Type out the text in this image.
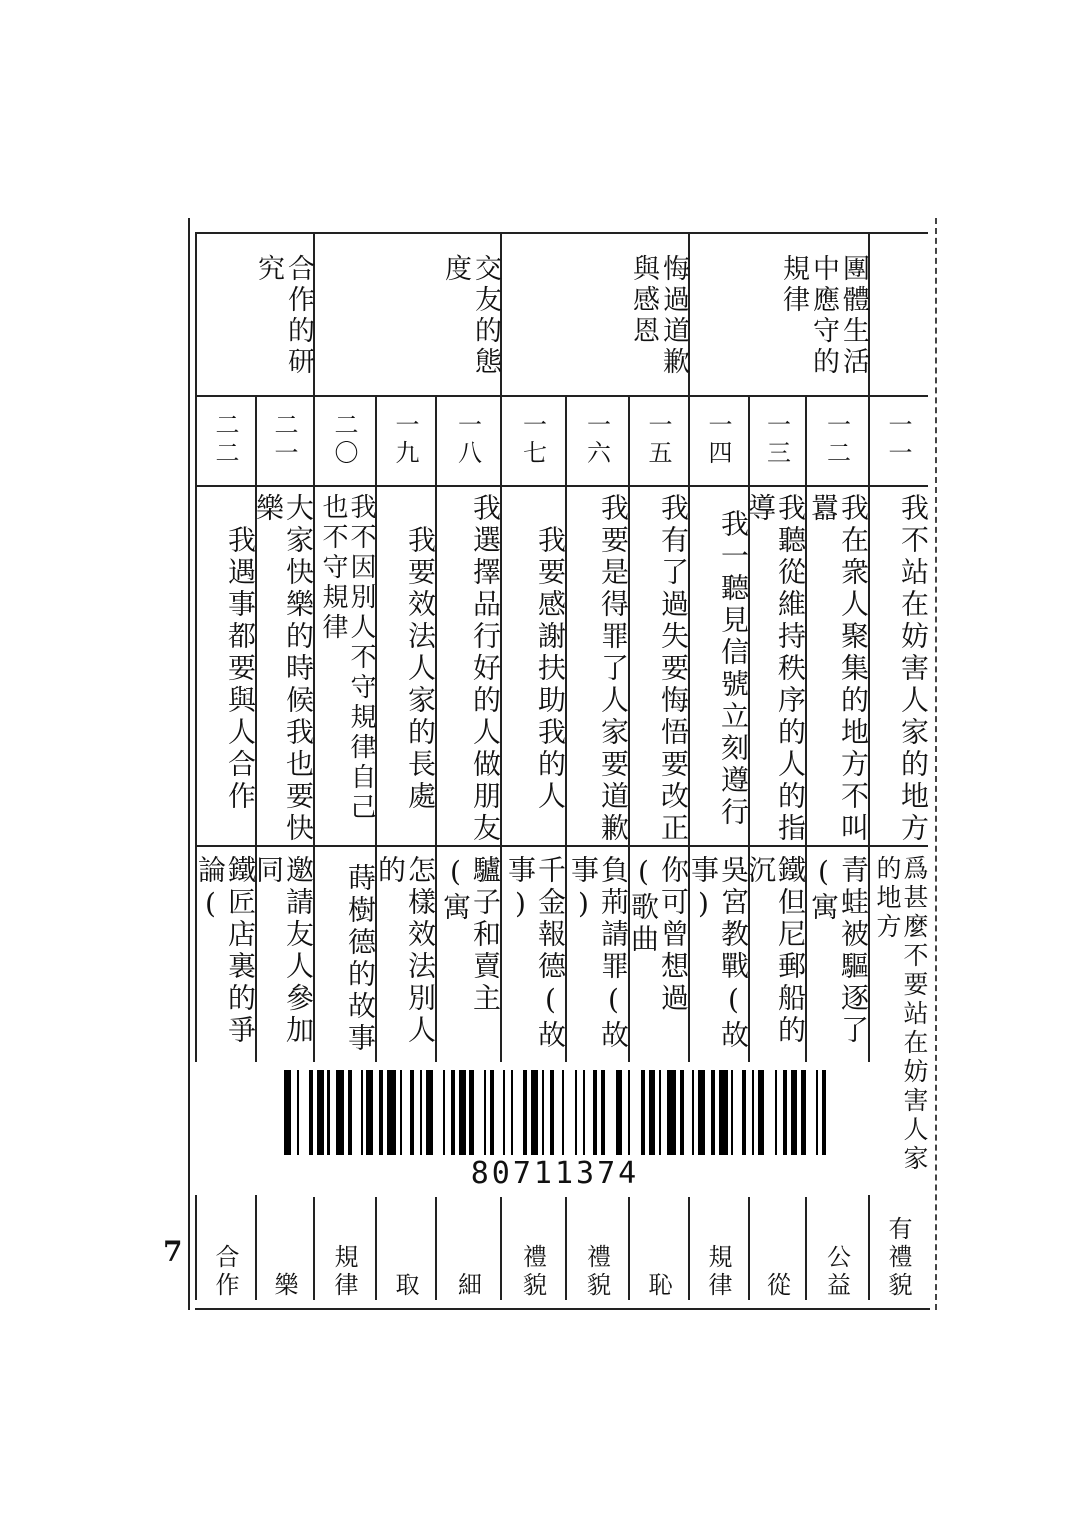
團體生活中應守的規律
悔過道歉與感恩
交友的態度
合作的研究
一一
我不站在妨害人家的地方
爲甚麼不要站在妨害人家的地方
有禮貌
一二
我在衆人聚集的地方不叫囂
青蛙被驅逐了(寓
公益
一三
我聽從維持秩序的人的指導
鐵但尼郵船的沉
從
一四
我一聽見信號立刻遵行
吳宮教戰(故事)
規律
一五
我有了過失要悔悟要改正
你可曾想過(歌曲
恥
一六
我要是得罪了人家要道歉
負荊請罪(故事)
禮貌
一七
我要感謝扶助我的人
千金報德(故事)
禮貌
一八
我選擇品行好的人做朋友
驢子和賣主(寓
細
一九
我要效法人家的長處
怎樣效法別人的
取
二〇
我不因別人不守規律自己也不守規律
蒔樹德的故事
規律
二一
大家快樂的時候我也要快樂
邀請友人參加同
樂
二二
我遇事都要與人合作
鐵匠店裏的爭論(
合作
7
80711374
